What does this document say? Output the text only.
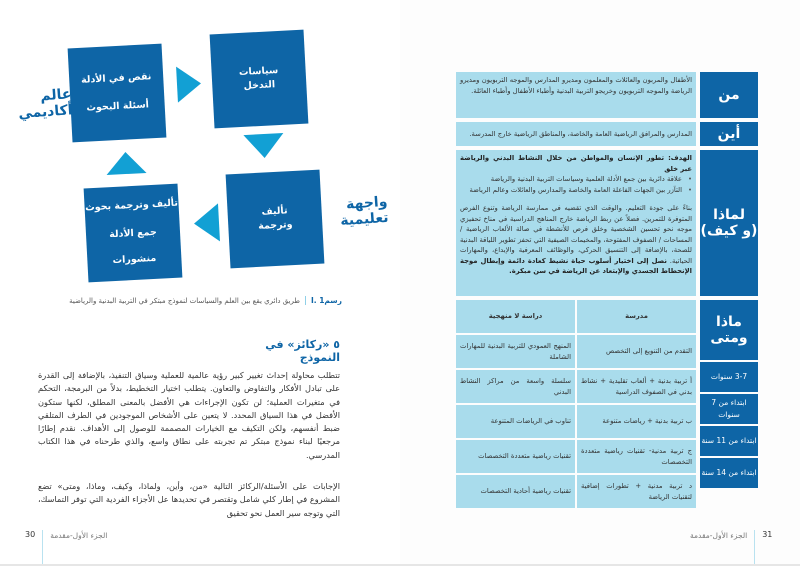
نقص في الأدلة
أسئلة البحوث
سياسات
التدخل
تأليف
وترجمة
تأليف وترجمة بحوث
جمع الأدلة
منشورات
عالم
أكاديمي
واجهة
تعليمية
رسم1 .I
طريق دائري يقع بين العلم والسياسات لنموذج مبتكر في التربية البدنية والرياضية
٥ «ركائز» في النموذج

تتطلب محاولة إحداث تغيير كبير رؤية عالمية للعملية وسياق التنفيذ، بالإضافة إلى القدرة على تبادل الأفكار والتفاوض والتعاون. يتطلب اختيار التخطيط، بدلاً من البرمجة، التحكم في متغيرات العملية؛ لن تكون الإجراءات هي الأفضل بالمعنى المطلق، لكنها ستكون الأفضل في هذا السياق المحدد. لا يتعين على الأشخاص الموجودين في الطرف المتلقي ضبط أنفسهم، ولكن التكيف مع الخيارات المصممة للوصول إلى الأهداف. نقدم إطارًا مرجعيًا لبناء نموذج مبتكر تم تجربته على نطاق واسع، والذي طرحناه في هذا الكتاب المدرسي.

الإجابات على الأسئلة/الركائز التالية «من، وأين، ولماذا، وكيف، وماذا، ومتى» تضع المشروع في إطار كلي شامل وتقتصر في تحديدها عل الأجزاء الفردية التي توفر التماسك، التي وتوجه سير العمل نحو تحقيق

30 الجزء الأول-مقدمة
من
الأطفال والمربون والعائلات والمعلمون ومديرو المدارس والموجه التربويون ومديرو الرياضة والموجه التربويون وخريجو التربية البدنية وأطباء الأطفال وأطباء العائلة.
أين
المدارس والمرافق الرياضية العامة والخاصة، والمناطق الرياضية خارج المدرسة.
لماذا
(و كيف)
الهدف: تطور الإنسان والمواطن من خلال النشاط البدني والرياضة عبر خلق
• علاقة دائرية بين جمع الأدلة العلمية وسياسات التربية البدنية والرياضة
• التآزر بين الجهات الفاعلة العامة والخاصة والمدارس والعائلات وعالم الرياضة
بناءً على جودة التعليم. والوقت الذي تقضيه في ممارسة الرياضة وتنوع الفرص المتوفرة للتمرين. فضلاً عن ربط الرياضة خارج المناهج الدراسية في مناخ تحفيزي موجه نحو تحسين الشخصية وخلق فرص للأنشطة في صالة الألعاب الرياضية / المساحات / الصفوف المفتوحة، والمخيمات الصيفية التي تحفز تطوير اللياقة البدنية للصحة، بالإضافة إلى التنسيق الحركي، والوظائف المعرفية والإبداع، والمهارات الحياتية. نصل إلى اختيار أسلوب حياة نشيط كعادة دائمة وإبطال موجة الإنحطاط الجسدي والإبتعاد عن الرياضة في سن مبكرة.
ماذا
ومتى
3-7 سنوات
ابتداء من 7 سنوات
ابتداء من 11 سنة
ابتداء من 14 سنة
مدرسة
دراسة لا منهجية
التقدم من التنويع إلى التخصص
المنهج العمودي للتربية البدنية للمهارات الشاملة
أ تربية بدنية + ألعاب تقليدية + نشاط بدني في الصفوف الدراسية
سلسلة واسعة من مراكز النشاط البدني
ب تربية بدنية + رياضات متنوعة
تناوب في الرياضات المتنوعة
ج تربية مدنية- تقنيات رياضية متعددة التخصصات
تقنيات رياضية متعددة التخصصات
د تربية مدنية + تطورات إضافية لتقنيات الرياضة
تقنيات رياضية أحادية التخصصات
الجزء الأول-مقدمة 31
